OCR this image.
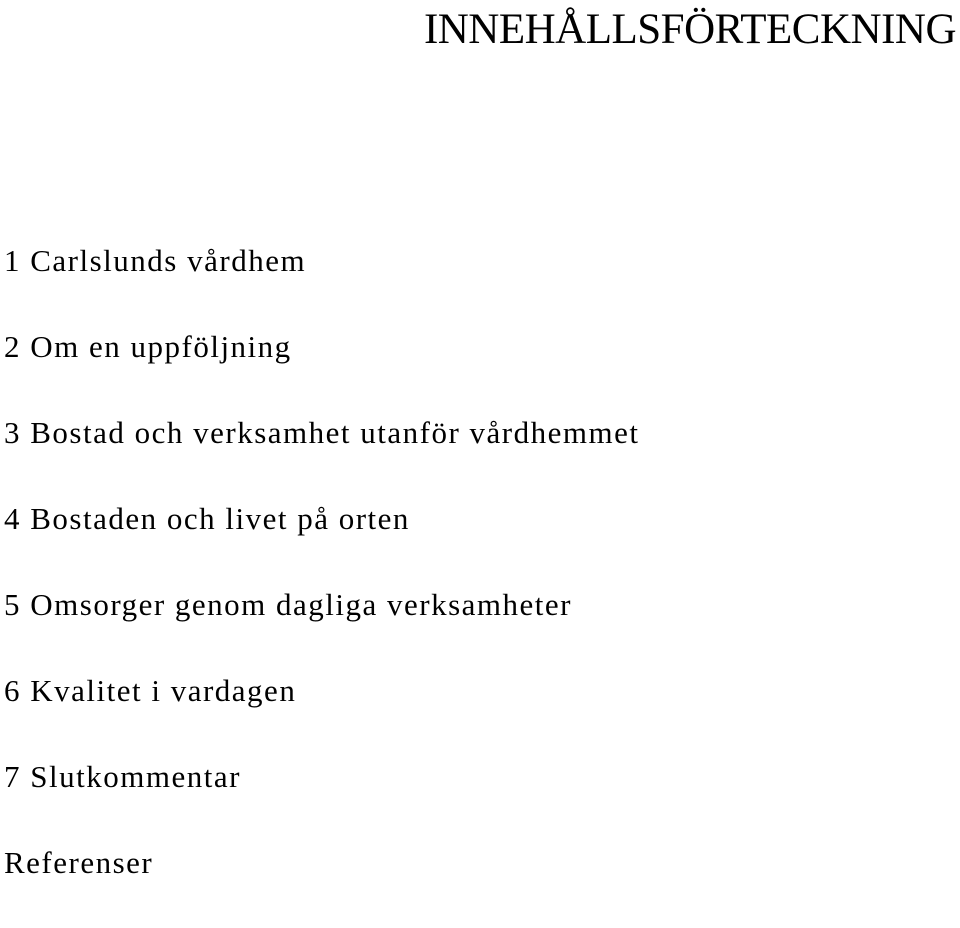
INNEHÅLLSFÖRTECKNING
1 Carlslunds vårdhem
2 Om en uppföljning
3 Bostad och verksamhet utanför vårdhemmet
4 Bostaden och livet på orten
5 Omsorger genom dagliga verksamheter
6 Kvalitet i vardagen
7 Slutkommentar
Referenser
